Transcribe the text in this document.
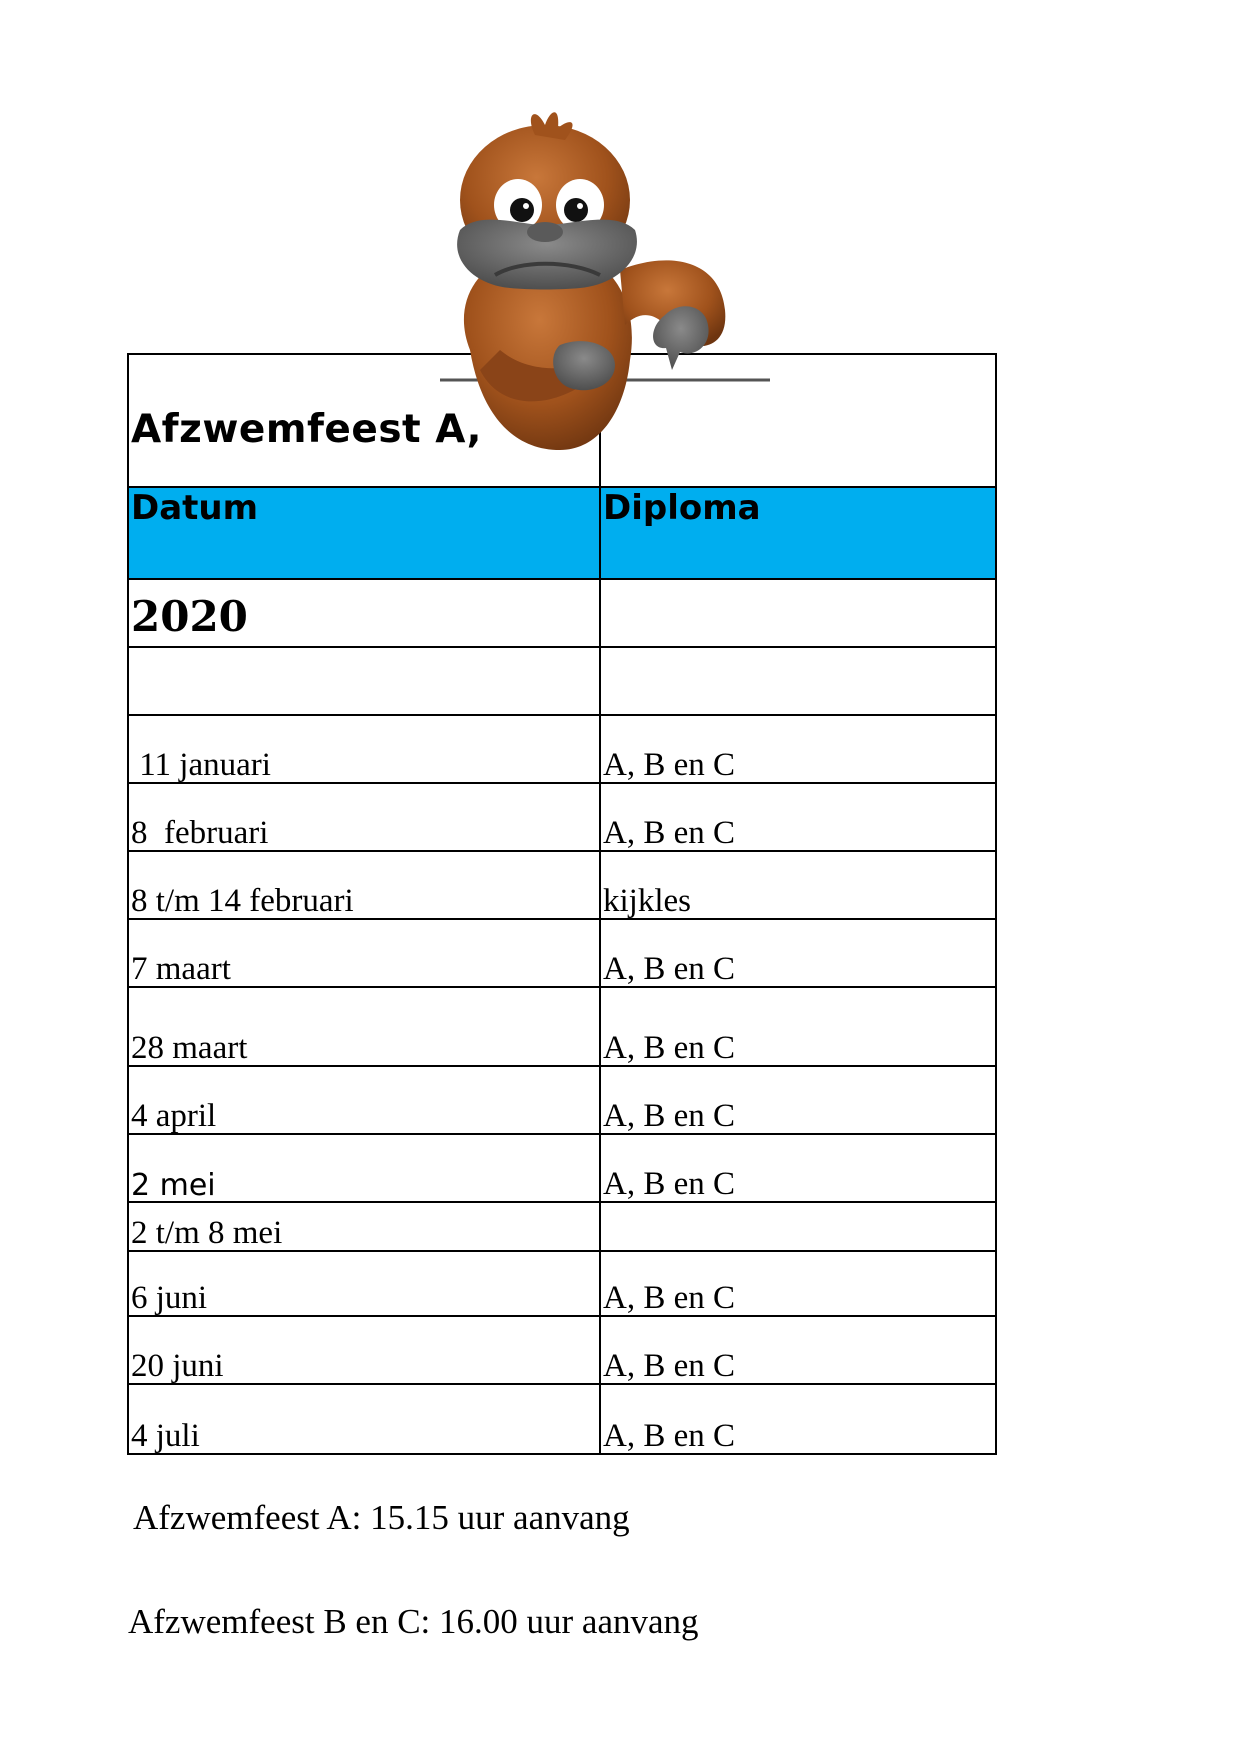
Afzwemfeest A,
Datum	Diploma
2020
11 januari	A, B en C
8  februari	A, B en C
8 t/m 14 februari	kijkles
7 maart	A, B en C
28 maart	A, B en C
4 april	A, B en C
2 mei	A, B en C
2 t/m 8 mei
6 juni	A, B en C
20 juni	A, B en C
4 juli	A, B en C
Afzwemfeest A: 15.15 uur aanvang
Afzwemfeest B en C: 16.00 uur aanvang
